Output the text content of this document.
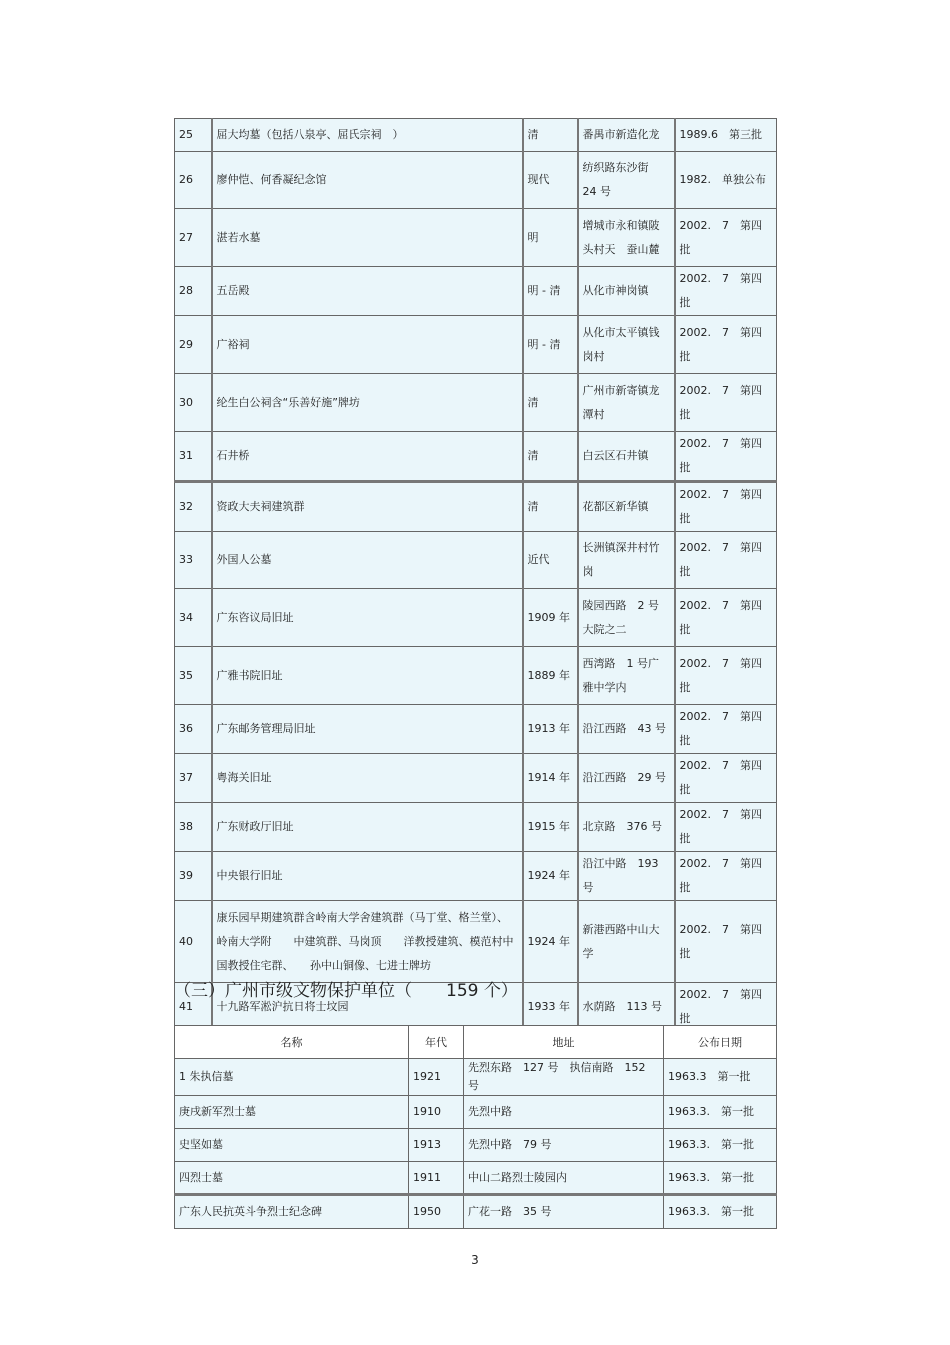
25	屈大均墓（包括八泉亭、屈氏宗祠　）	清	番禺市新造化龙	1989.6　第三批
26	廖仲恺、何香凝纪念馆	现代	纺织路东沙街　24 号	1982.　单独公布
27	湛若水墓	明	增城市永和镇陂头村天　蚕山麓	2002.　7　第四批
28	五岳殿	明 - 清	从化市神岗镇	2002.　7　第四批
29	广裕祠	明 - 清	从化市太平镇钱岗村	2002.　7　第四批
30	纶生白公祠含“乐善好施”牌坊	清	广州市新寄镇龙潭村	2002.　7　第四批
31	石井桥	清	白云区石井镇	2002.　7　第四批
32	资政大夫祠建筑群	清	花都区新华镇	2002.　7　第四批
33	外国人公墓	近代	长洲镇深井村竹岗	2002.　7　第四批
34	广东咨议局旧址	1909 年	陵园西路　2 号大院之二	2002.　7　第四批
35	广雅书院旧址	1889 年	西湾路　1 号广雅中学内	2002.　7　第四批
36	广东邮务管理局旧址	1913 年	沿江西路　43 号	2002.　7　第四批
37	粤海关旧址	1914 年	沿江西路　29 号	2002.　7　第四批
38	广东财政厅旧址	1915 年	北京路　376 号	2002.　7　第四批
39	中央银行旧址	1924 年	沿江中路　193 号	2002.　7　第四批
40	康乐园早期建筑群含岭南大学舍建筑群（马丁堂、格兰堂）、岭南大学附　　中建筑群、马岗顶　　洋教授建筑、模范村中国教授住宅群、　　孙中山铜像、七进士牌坊	1924 年	新港西路中山大学	2002.　7　第四批
41	十九路军淞沪抗日将士坟园	1933 年	水荫路　113 号	2002.　7　第四批
（三）广州市级文物保护单位（　　159 个）
名称	年代	地址	公布日期
1 朱执信墓	1921	先烈东路　127 号　执信南路　152 号	1963.3　第一批
庚戌新军烈士墓	1910	先烈中路	1963.3.　第一批
史坚如墓	1913	先烈中路　79 号	1963.3.　第一批
四烈士墓	1911	中山二路烈士陵园内	1963.3.　第一批
广东人民抗英斗争烈士纪念碑	1950	广花一路　35 号	1963.3.　第一批
3
